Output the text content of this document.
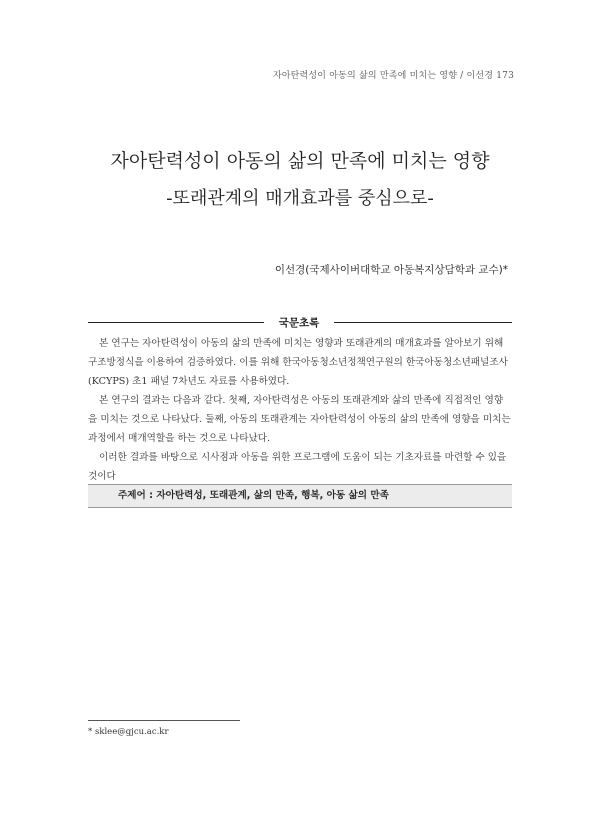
자아탄력성이 아동의 삶의 만족에 미치는 영향 / 이선경 173
자아탄력성이 아동의 삶의 만족에 미치는 영향
-또래관계의 매개효과를 중심으로-
이선경(국제사이버대학교 아동복지상담학과 교수)*
국문초록

본 연구는 자아탄력성이 아동의 삶의 만족에 미치는 영향과 또래관계의 매개효과를 알아보기 위해 구조방정식을 이용하여 검증하였다. 이를 위해 한국아동청소년정책연구원의 한국아동청소년패널조사(KCYPS) 초1 패널 7차년도 자료를 사용하였다.

본 연구의 결과는 다음과 같다. 첫째, 자아탄력성은 아동의 또래관계와 삶의 만족에 직접적인 영향을 미치는 것으로 나타났다. 둘째, 아동의 또래관계는 자아탄력성이 아동의 삶의 만족에 영향을 미치는 과정에서 매개역할을 하는 것으로 나타났다.

이러한 결과를 바탕으로 시사점과 아동을 위한 프로그램에 도움이 되는 기초자료를 마련할 수 있을 것이다

주제어 : 자아탄력성, 또래관계, 삶의 만족, 행복, 아동 삶의 만족
* sklee@gjcu.ac.kr
